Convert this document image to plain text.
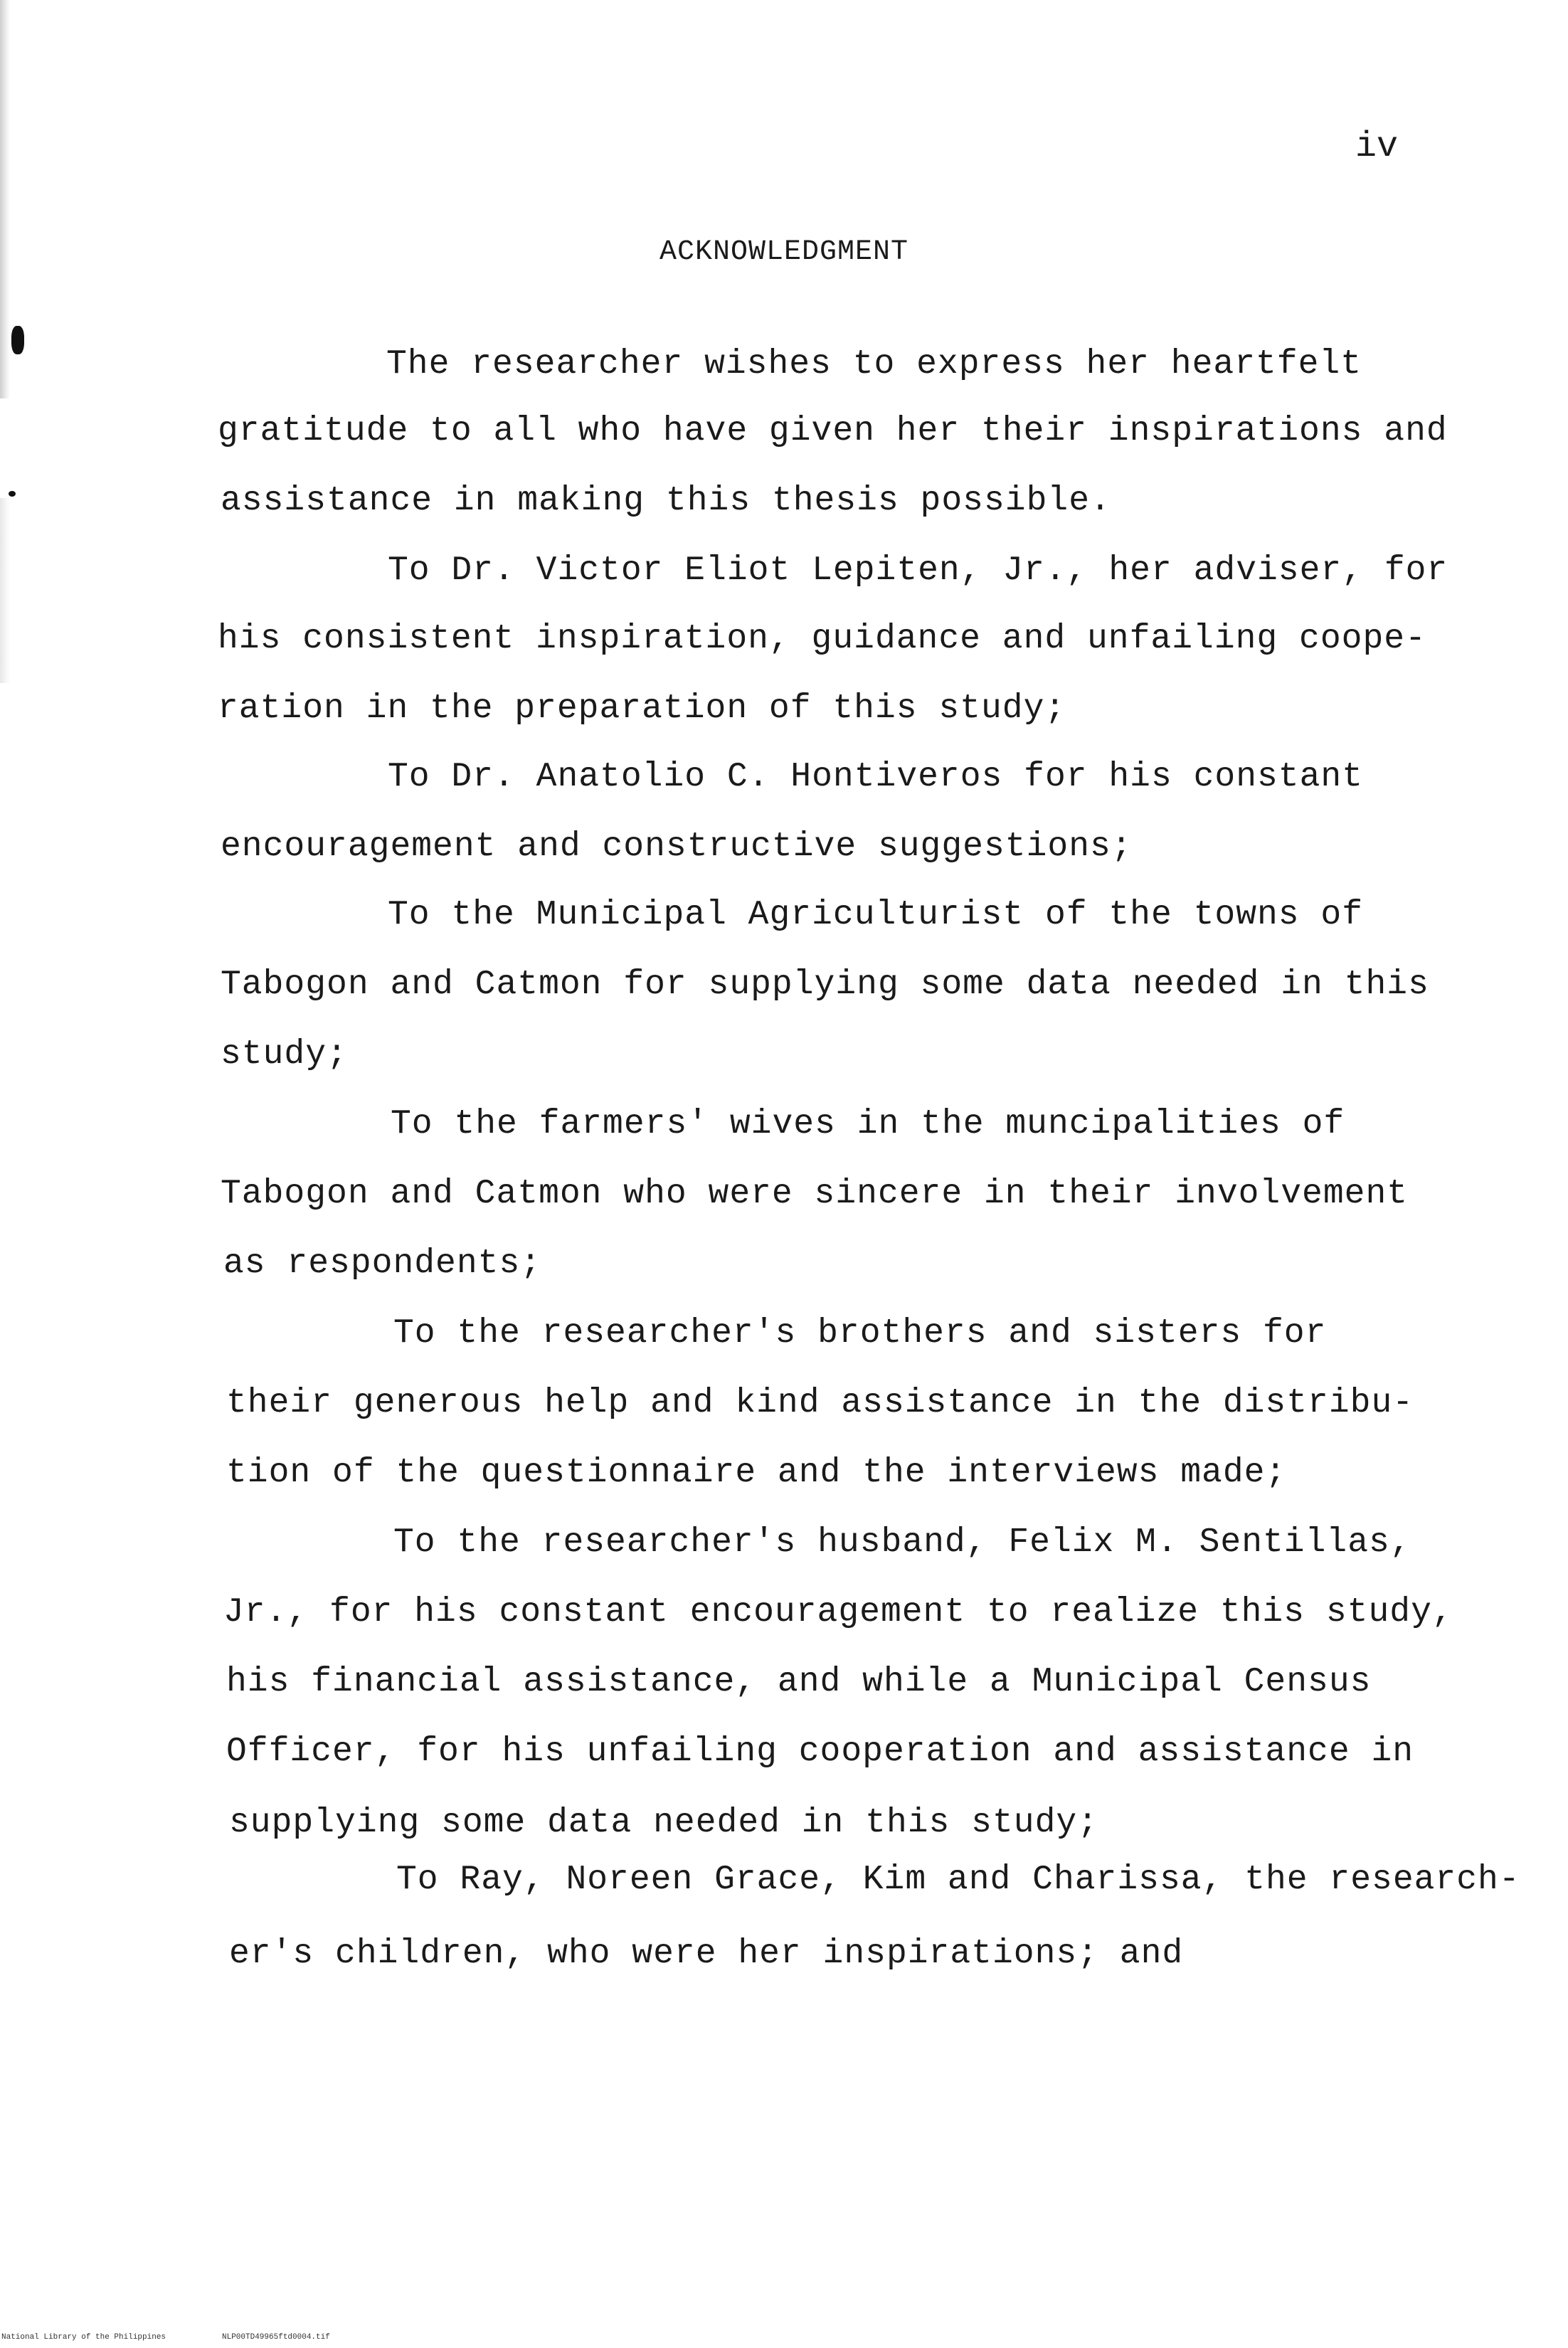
iv
ACKNOWLEDGMENT
The researcher wishes to express her heartfelt
gratitude to all who have given her their inspirations and
assistance in making this thesis possible.
To Dr. Victor Eliot Lepiten, Jr., her adviser, for
his consistent inspiration, guidance and unfailing coope-
ration in the preparation of this study;
To Dr. Anatolio C. Hontiveros for his constant
encouragement and constructive suggestions;
To the Municipal Agriculturist of the towns of
Tabogon and Catmon for supplying some data needed in this
study;
To the farmers' wives in the muncipalities of
Tabogon and Catmon who were sincere in their involvement
as respondents;
To the researcher's brothers and sisters for
their generous help and kind assistance in the distribu-
tion of the questionnaire and the interviews made;
To the researcher's husband, Felix M. Sentillas,
Jr., for his constant encouragement to realize this study,
his financial assistance, and while a Municipal Census
Officer, for his unfailing cooperation and assistance in
supplying some data needed in this study;
To Ray, Noreen Grace, Kim and Charissa, the research-
er's children, who were her inspirations; and
National Library of the Philippines	NLP00TD49965ftd0004.tif
